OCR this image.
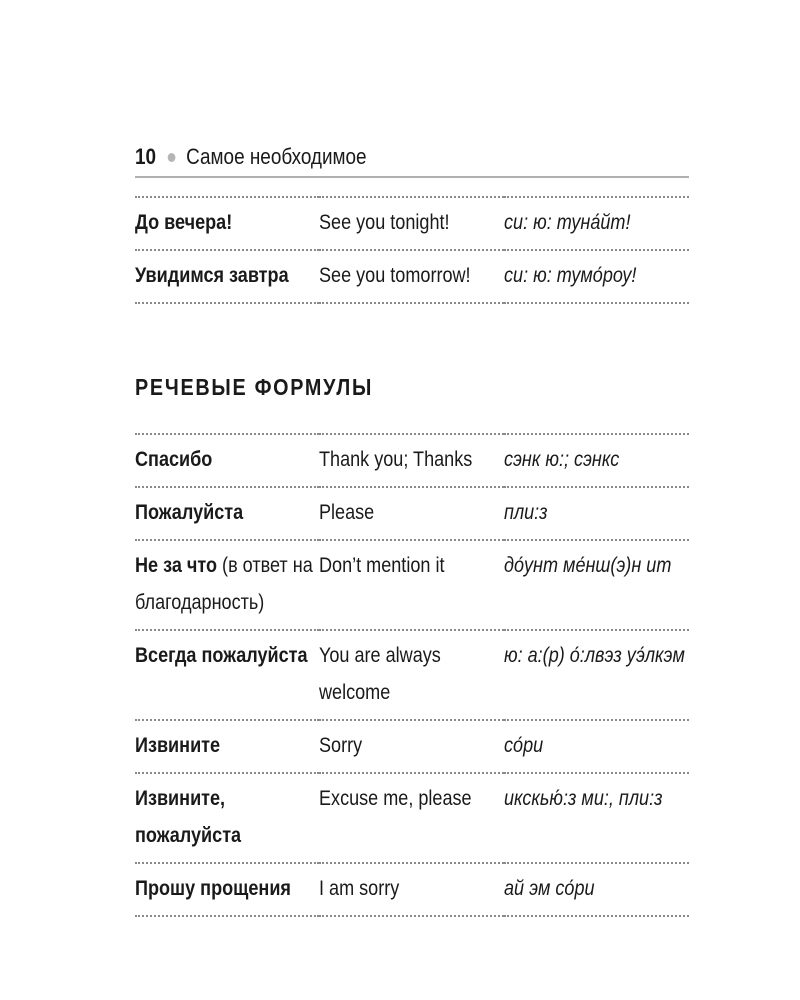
10 Самое необходимое
До вечера!	See you tonight!	си: ю: туна́йт!

Увидимся завтра	See you tomorrow!	си: ю: тумо́роу!
РЕЧЕВЫЕ ФОРМУЛЫ
Спасибо	Thank you; Thanks	сэнк ю:; сэнкс

Пожалуйста	Please	пли:з

Не за что (в ответ на благодарность)	Don’t mention it	до́унт ме́нш(э)н ит

Всегда пожалуйста	You are always welcome	ю: а:(р) о́:лвэз уэ́лкэм

Извините	Sorry	со́ри

Извините, пожалуйста	Excuse me, please	икскью́:з ми:, пли:з

Прошу прощения	I am sorry	ай эм со́ри
